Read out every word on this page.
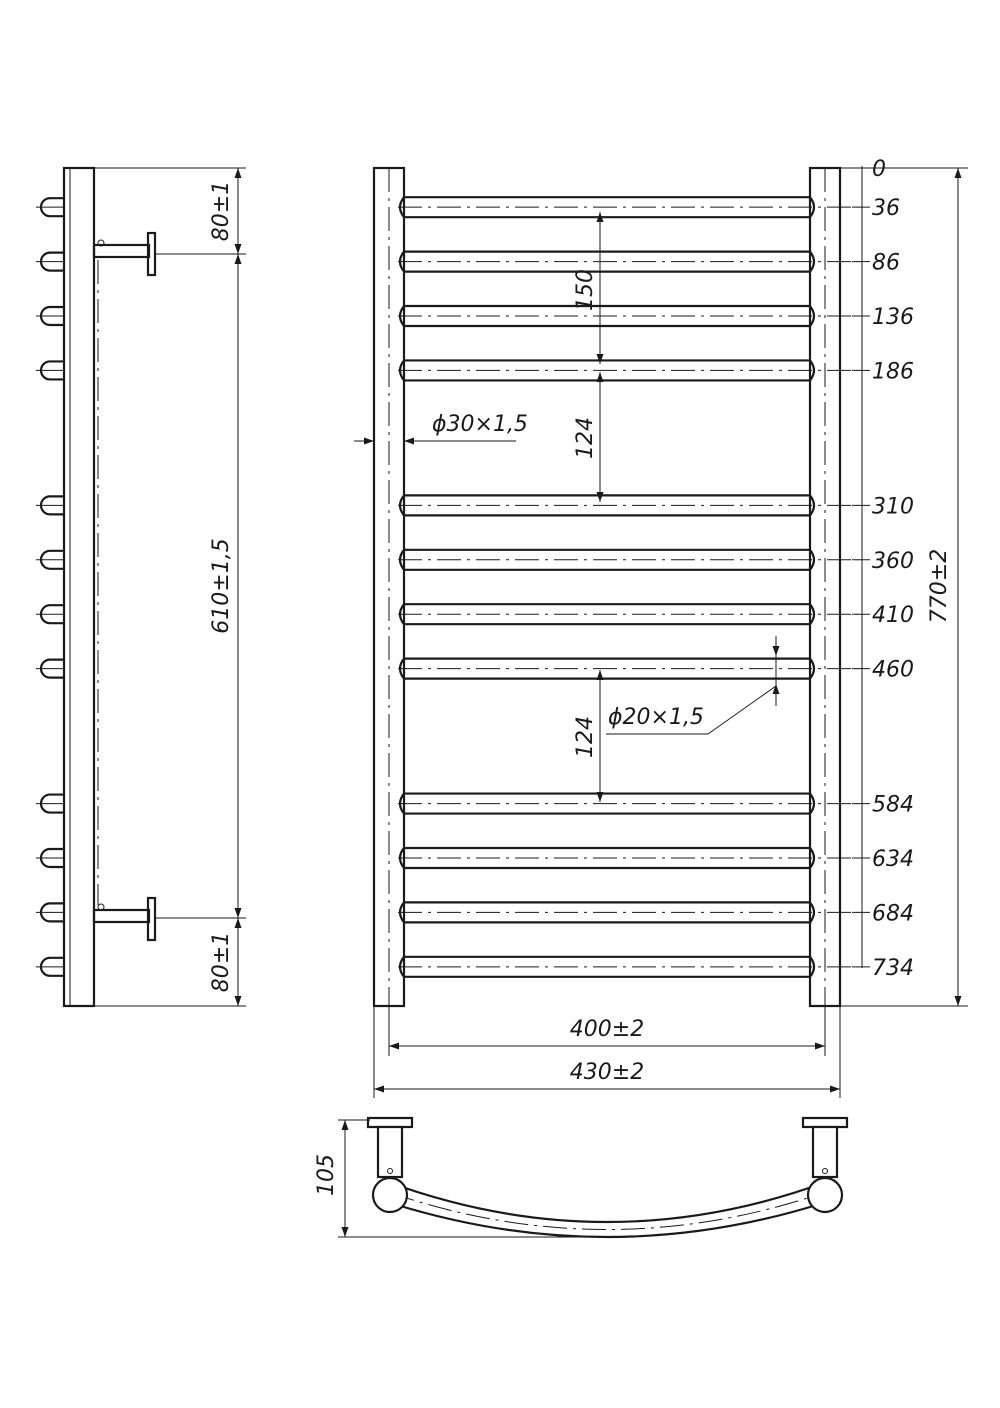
80±1
610±1,5
80±1
0
36
86
136
186
310
360
410
460
584
634
684
734
770±2
150
124
124
ϕ30×1,5
ϕ20×1,5
400±2
430±2
105
